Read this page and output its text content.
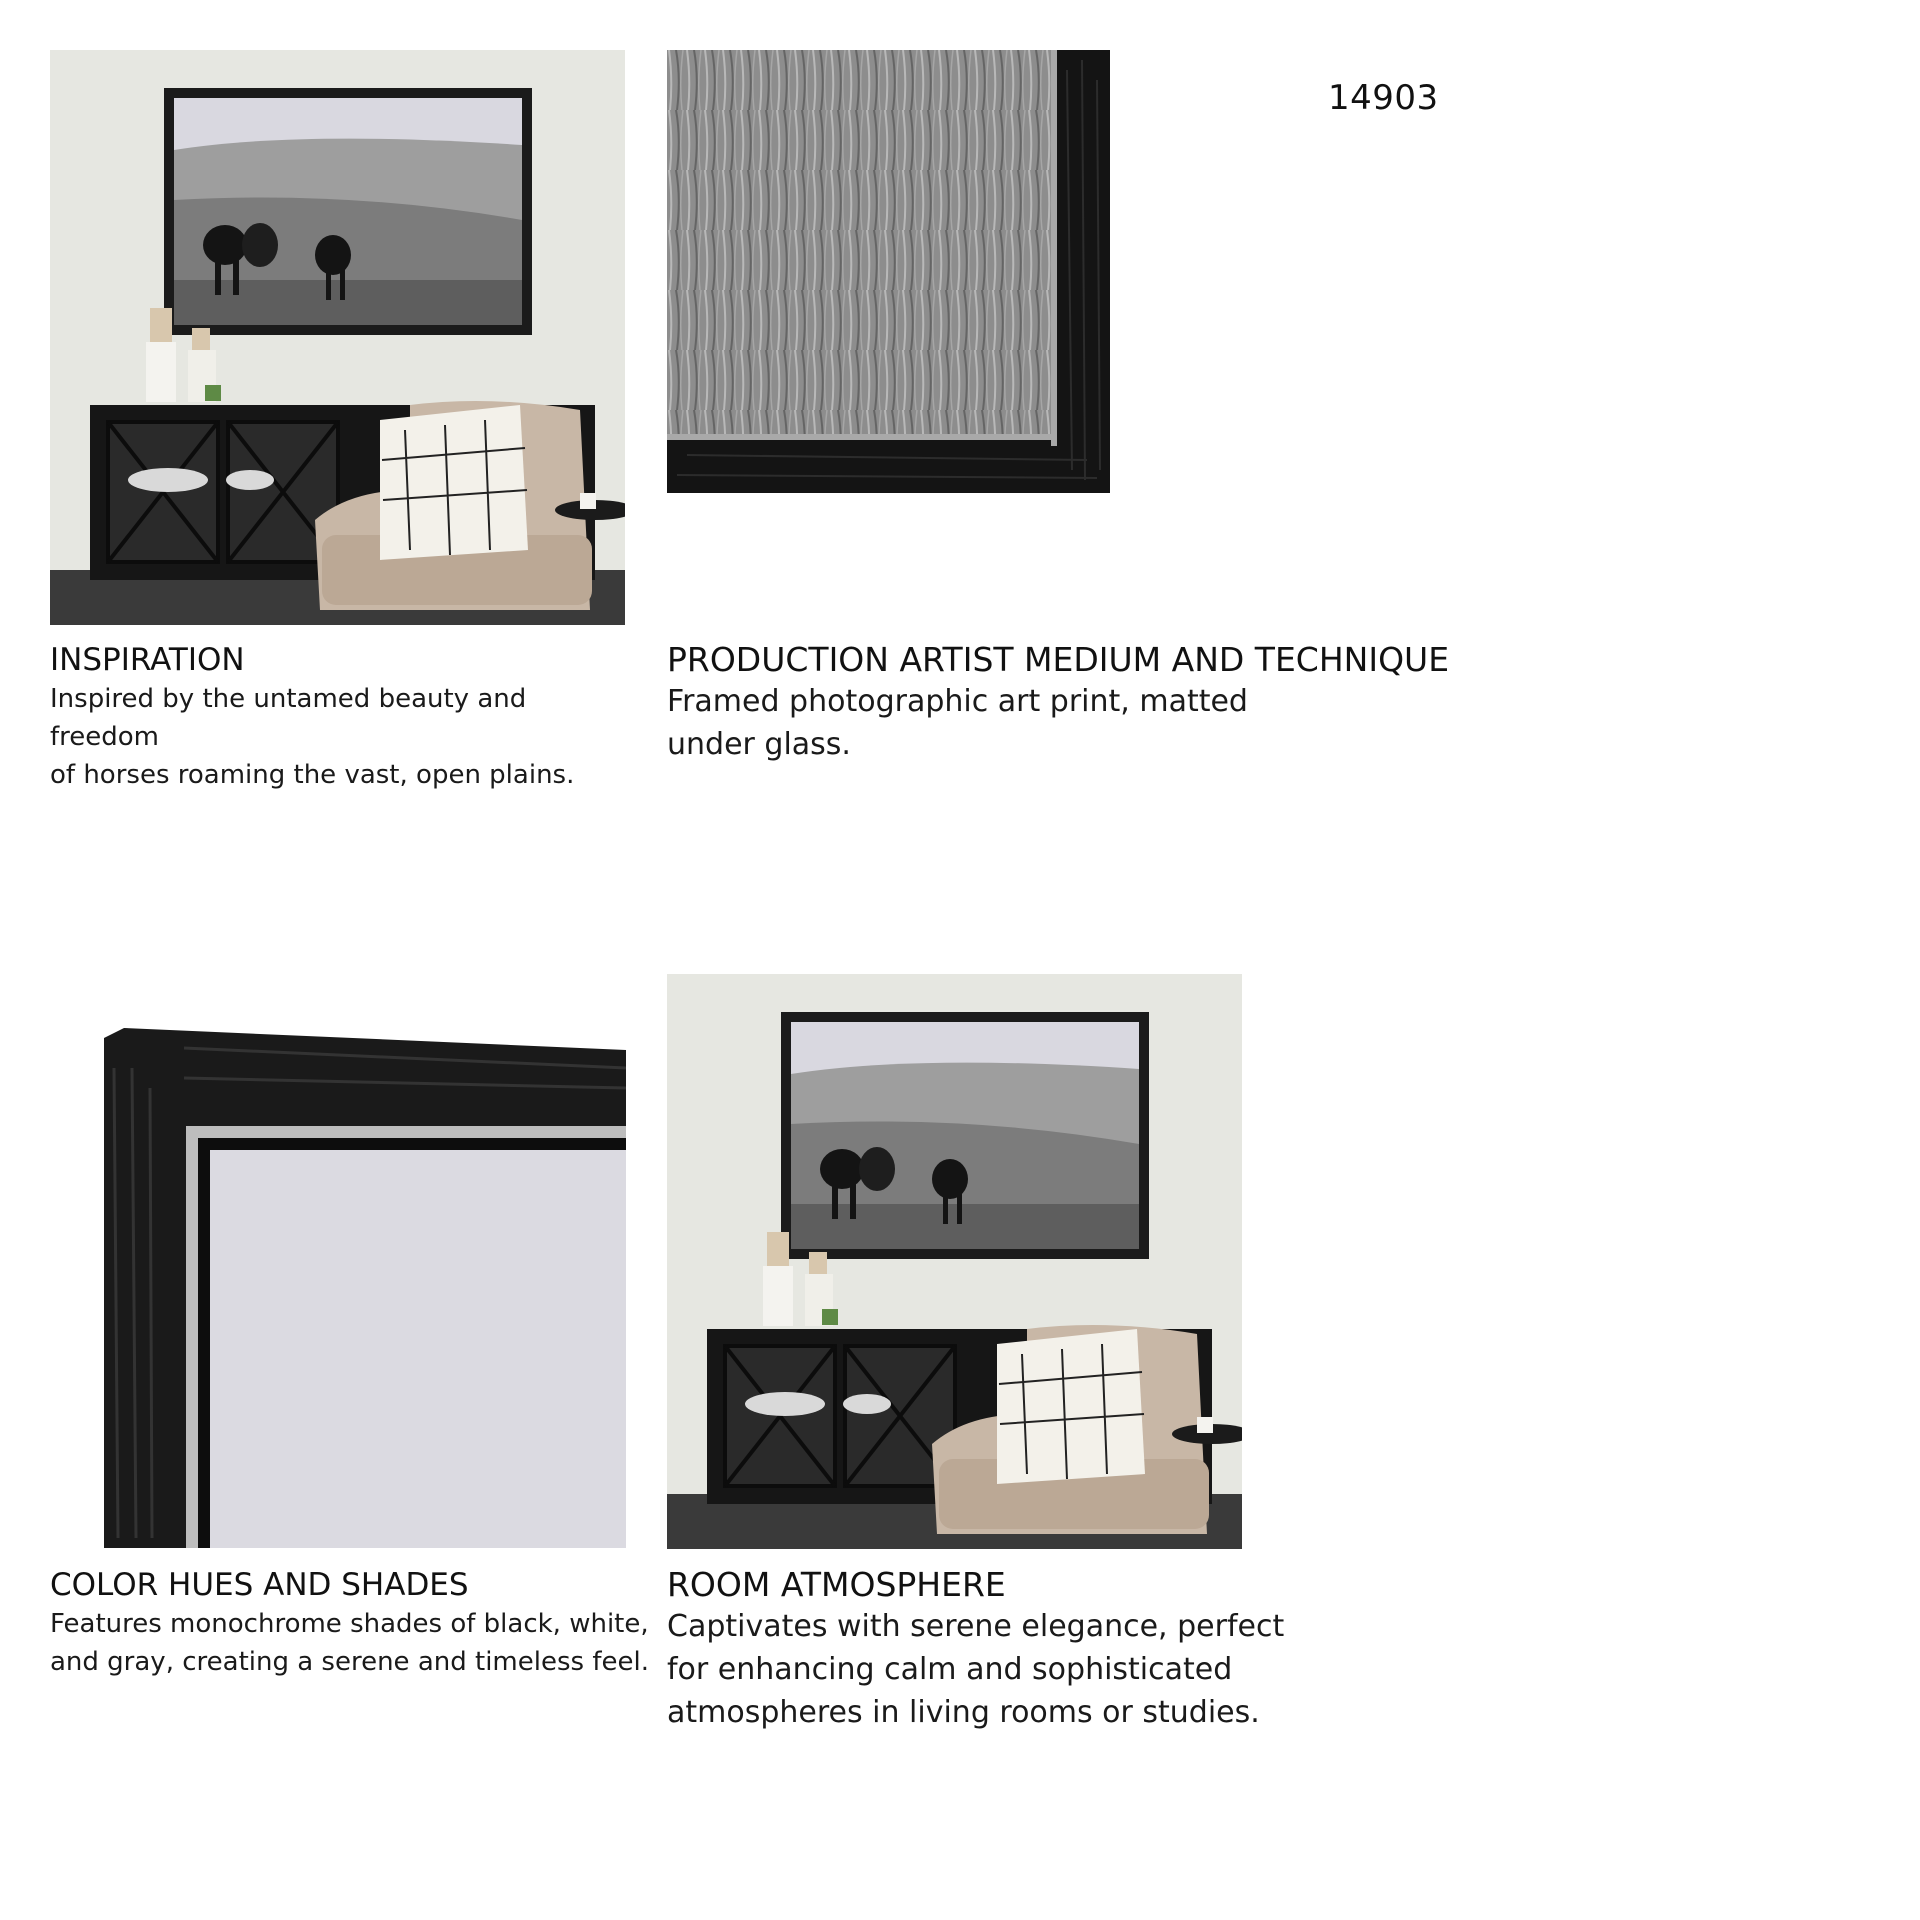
14903
INSPIRATION

Inspired by the untamed beauty and freedom

of horses roaming the vast, open plains.

PRODUCTION ARTIST MEDIUM AND TECHNIQUE

Framed photographic art print, matted

under glass.

COLOR HUES AND SHADES

Features monochrome shades of black, white,

and gray, creating a serene and timeless feel.

ROOM ATMOSPHERE

Captivates with serene elegance, perfect

for enhancing calm and sophisticated

atmospheres in living rooms or studies.
